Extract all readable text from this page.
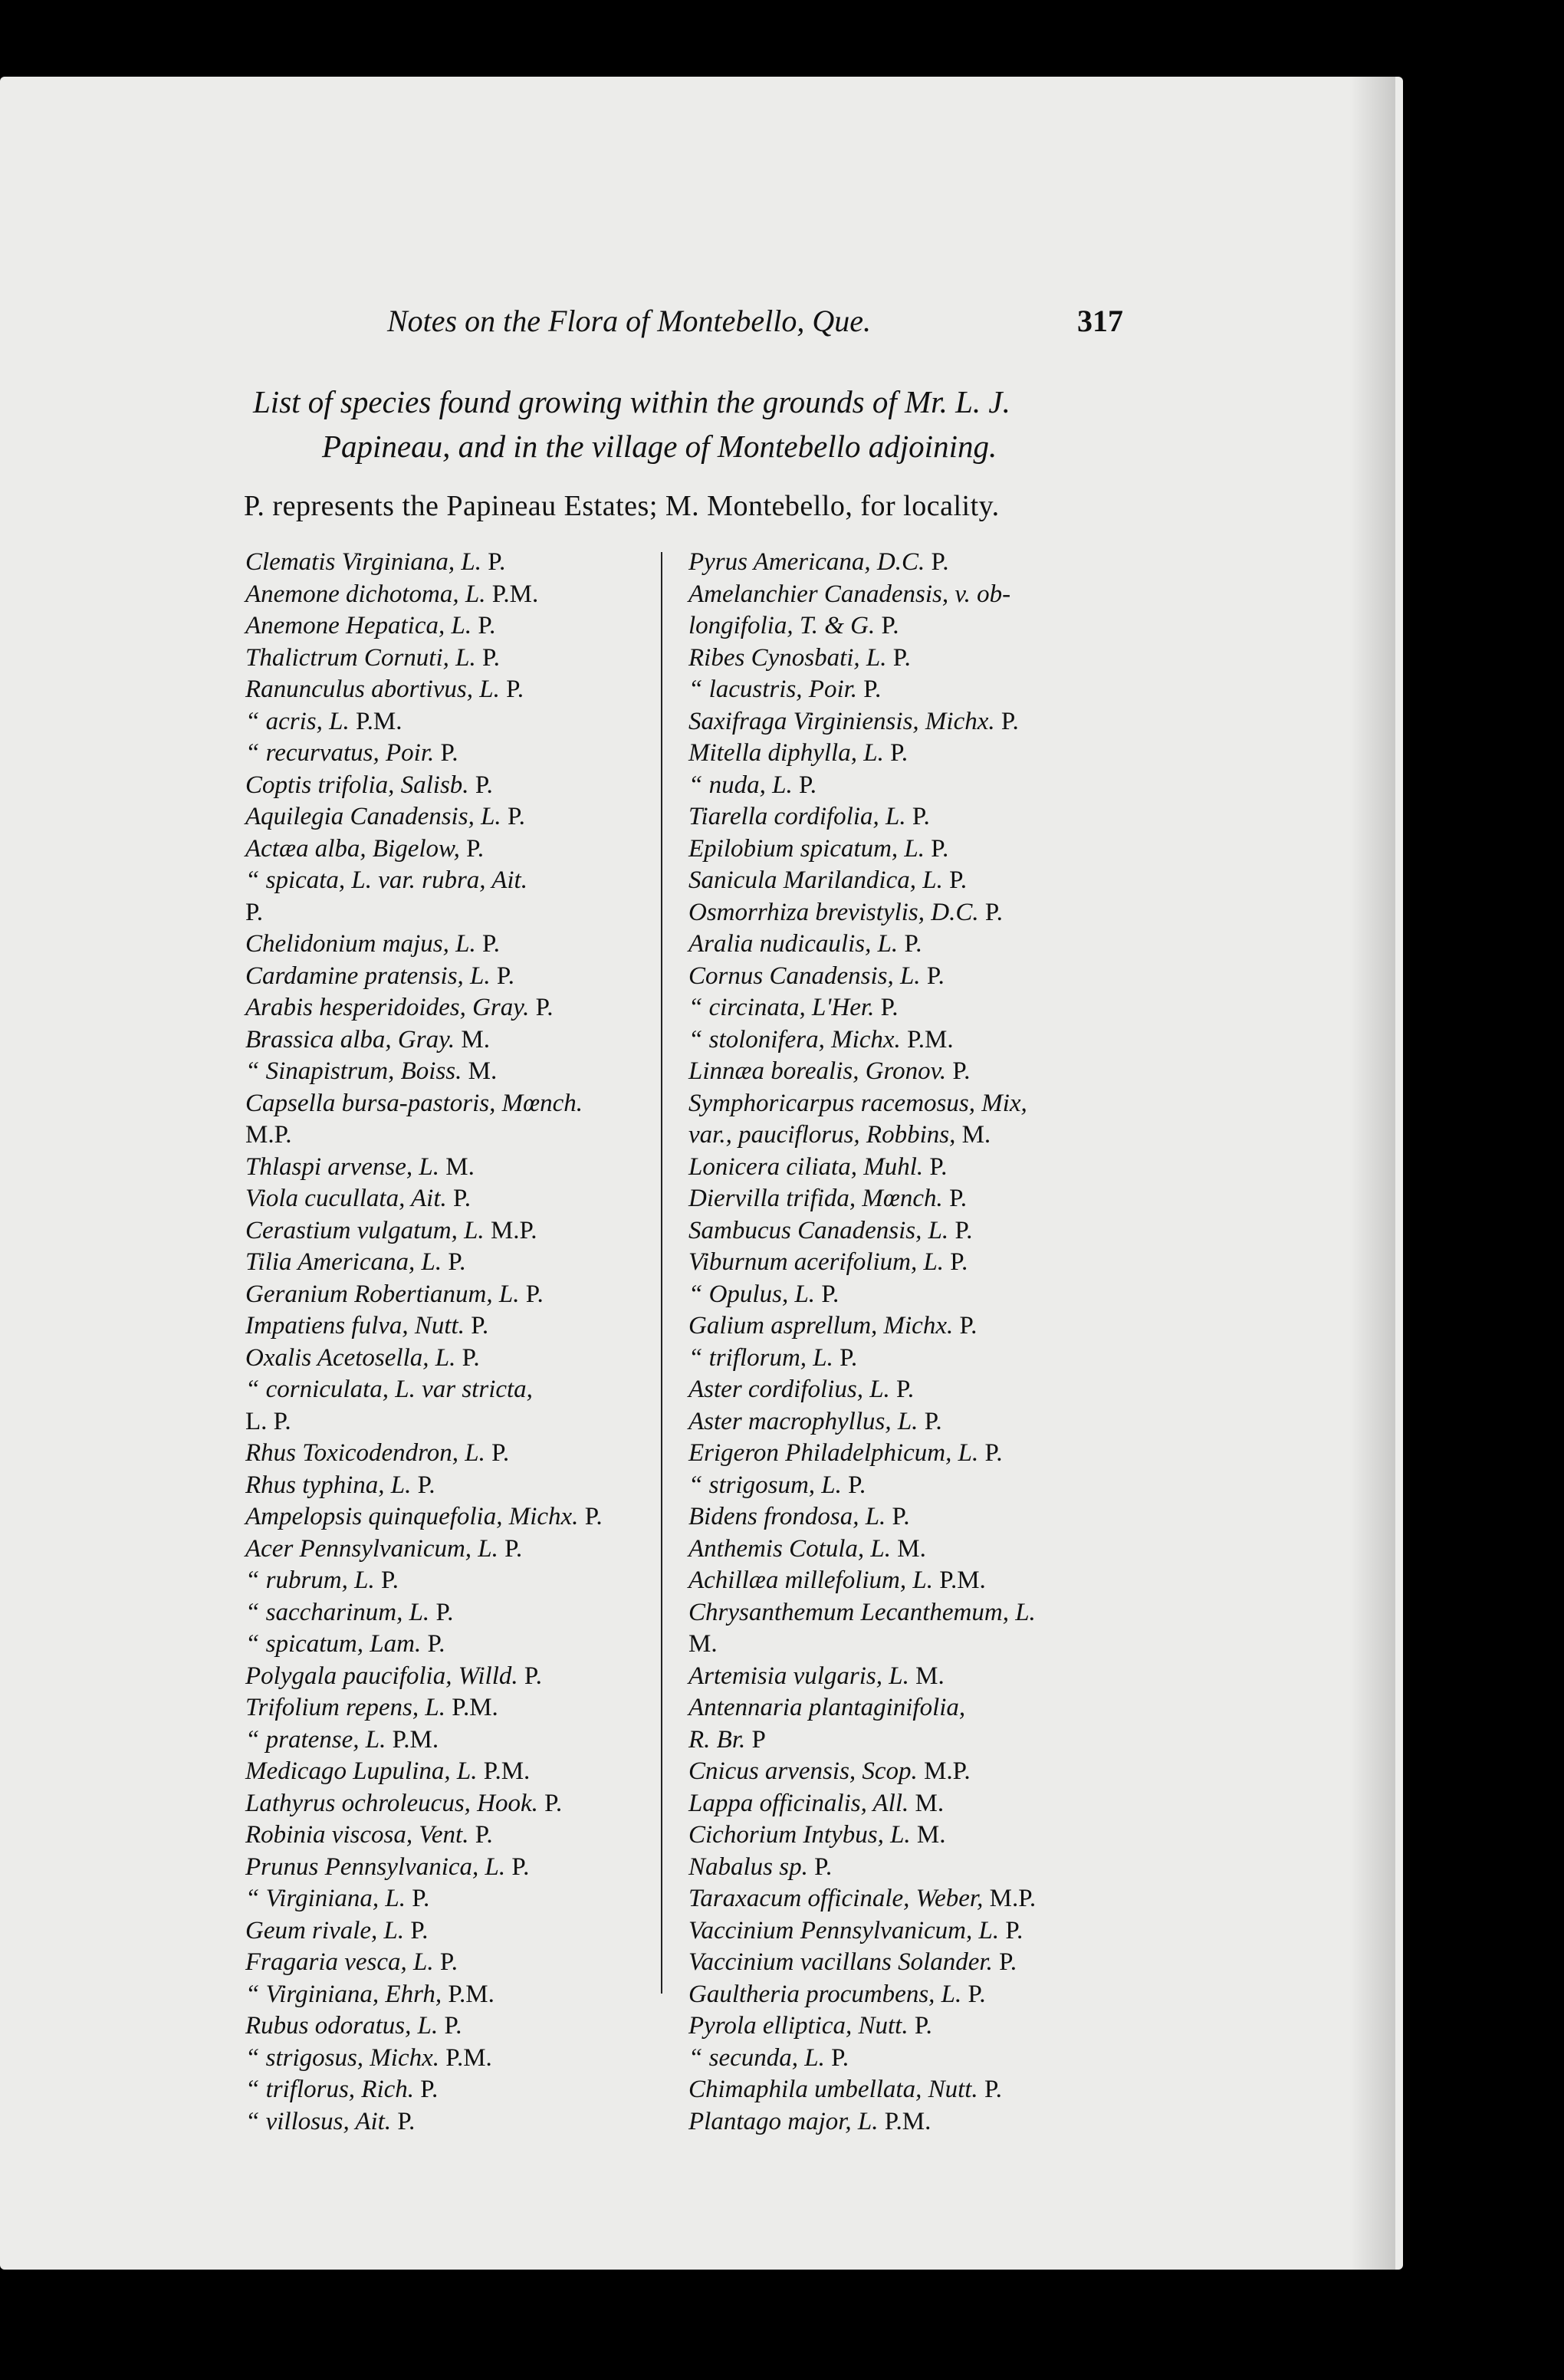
Notes on the Flora of Montebello, Que.	317
List of species found growing within the grounds of Mr. L. J.
Papineau, and in the village of Montebello adjoining.
P. represents the Papineau Estates; M. Montebello, for locality.
Clematis Virginiana, L. P.
Anemone dichotoma, L. P.M.
Anemone Hepatica, L. P.
Thalictrum Cornuti, L. P.
Ranunculus abortivus, L. P.
“ acris, L. P.M.
“ recurvatus, Poir. P.
Coptis trifolia, Salisb. P.
Aquilegia Canadensis, L. P.
Actæa alba, Bigelow, P.
“ spicata, L. var. rubra, Ait.
P.
Chelidonium majus, L. P.
Cardamine pratensis, L. P.
Arabis hesperidoides, Gray. P.
Brassica alba, Gray. M.
“ Sinapistrum, Boiss. M.
Capsella bursa-pastoris, Mœnch.
M.P.
Thlaspi arvense, L. M.
Viola cucullata, Ait. P.
Cerastium vulgatum, L. M.P.
Tilia Americana, L. P.
Geranium Robertianum, L. P.
Impatiens fulva, Nutt. P.
Oxalis Acetosella, L. P.
“ corniculata, L. var stricta,
L. P.
Rhus Toxicodendron, L. P.
Rhus typhina, L. P.
Ampelopsis quinquefolia, Michx. P.
Acer Pennsylvanicum, L. P.
“ rubrum, L. P.
“ saccharinum, L. P.
“ spicatum, Lam. P.
Polygala paucifolia, Willd. P.
Trifolium repens, L. P.M.
“ pratense, L. P.M.
Medicago Lupulina, L. P.M.
Lathyrus ochroleucus, Hook. P.
Robinia viscosa, Vent. P.
Prunus Pennsylvanica, L. P.
“ Virginiana, L. P.
Geum rivale, L. P.
Fragaria vesca, L. P.
“ Virginiana, Ehrh, P.M.
Rubus odoratus, L. P.
“ strigosus, Michx. P.M.
“ triflorus, Rich. P.
“ villosus, Ait. P.
Pyrus Americana, D.C. P.
Amelanchier Canadensis, v. ob-
longifolia, T. & G. P.
Ribes Cynosbati, L. P.
“ lacustris, Poir. P.
Saxifraga Virginiensis, Michx. P.
Mitella diphylla, L. P.
“ nuda, L. P.
Tiarella cordifolia, L. P.
Epilobium spicatum, L. P.
Sanicula Marilandica, L. P.
Osmorrhiza brevistylis, D.C. P.
Aralia nudicaulis, L. P.
Cornus Canadensis, L. P.
“ circinata, L'Her. P.
“ stolonifera, Michx. P.M.
Linnæa borealis, Gronov. P.
Symphoricarpus racemosus, Mix,
var., pauciflorus, Robbins, M.
Lonicera ciliata, Muhl. P.
Diervilla trifida, Mœnch. P.
Sambucus Canadensis, L. P.
Viburnum acerifolium, L. P.
“ Opulus, L. P.
Galium asprellum, Michx. P.
“ triflorum, L. P.
Aster cordifolius, L. P.
Aster macrophyllus, L. P.
Erigeron Philadelphicum, L. P.
“ strigosum, L. P.
Bidens frondosa, L. P.
Anthemis Cotula, L. M.
Achillæa millefolium, L. P.M.
Chrysanthemum Lecanthemum, L.
M.
Artemisia vulgaris, L. M.
Antennaria plantaginifolia,
R. Br. P
Cnicus arvensis, Scop. M.P.
Lappa officinalis, All. M.
Cichorium Intybus, L. M.
Nabalus sp. P.
Taraxacum officinale, Weber, M.P.
Vaccinium Pennsylvanicum, L. P.
Vaccinium vacillans Solander. P.
Gaultheria procumbens, L. P.
Pyrola elliptica, Nutt. P.
“ secunda, L. P.
Chimaphila umbellata, Nutt. P.
Plantago major, L. P.M.
